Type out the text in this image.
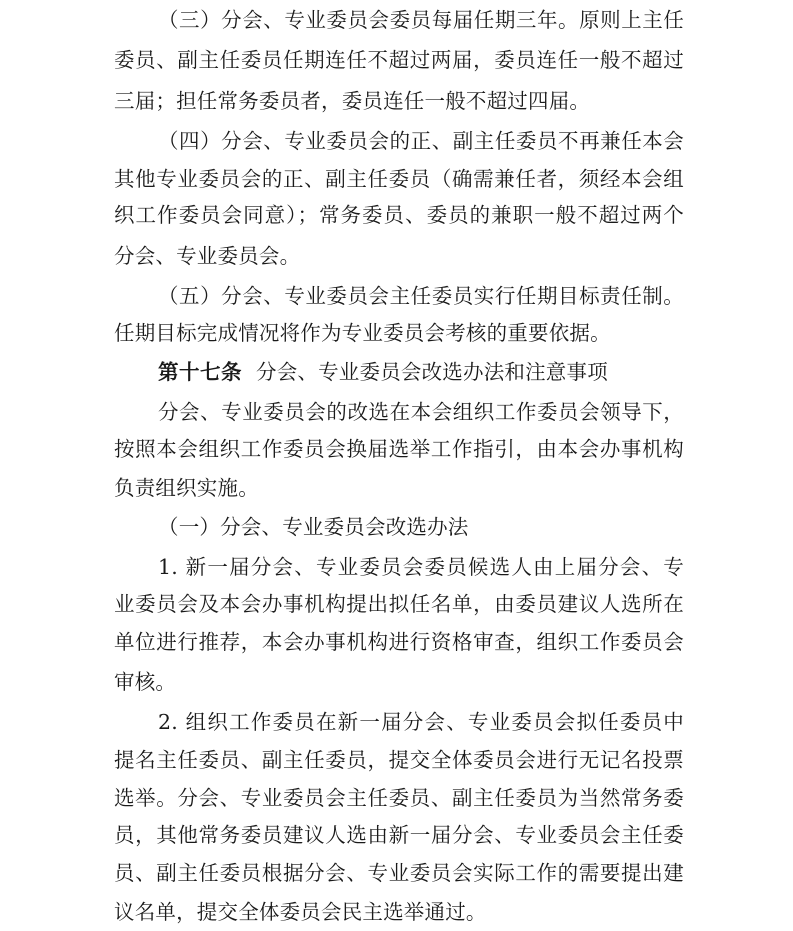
（三）分会、专业委员会委员每届任期三年。原则上主任
委员、副主任委员任期连任不超过两届，委员连任一般不超过
三届；担任常务委员者，委员连任一般不超过四届。
（四）分会、专业委员会的正、副主任委员不再兼任本会
其他专业委员会的正、副主任委员（确需兼任者，须经本会组
织工作委员会同意）；常务委员、委员的兼职一般不超过两个
分会、专业委员会。
（五）分会、专业委员会主任委员实行任期目标责任制。
任期目标完成情况将作为专业委员会考核的重要依据。
第十七条 分会、专业委员会改选办法和注意事项
分会、专业委员会的改选在本会组织工作委员会领导下，
按照本会组织工作委员会换届选举工作指引，由本会办事机构
负责组织实施。
（一）分会、专业委员会改选办法
1. 新一届分会、专业委员会委员候选人由上届分会、专
业委员会及本会办事机构提出拟任名单，由委员建议人选所在
单位进行推荐，本会办事机构进行资格审查，组织工作委员会
审核。
2. 组织工作委员在新一届分会、专业委员会拟任委员中
提名主任委员、副主任委员，提交全体委员会进行无记名投票
选举。分会、专业委员会主任委员、副主任委员为当然常务委
员，其他常务委员建议人选由新一届分会、专业委员会主任委
员、副主任委员根据分会、专业委员会实际工作的需要提出建
议名单，提交全体委员会民主选举通过。
